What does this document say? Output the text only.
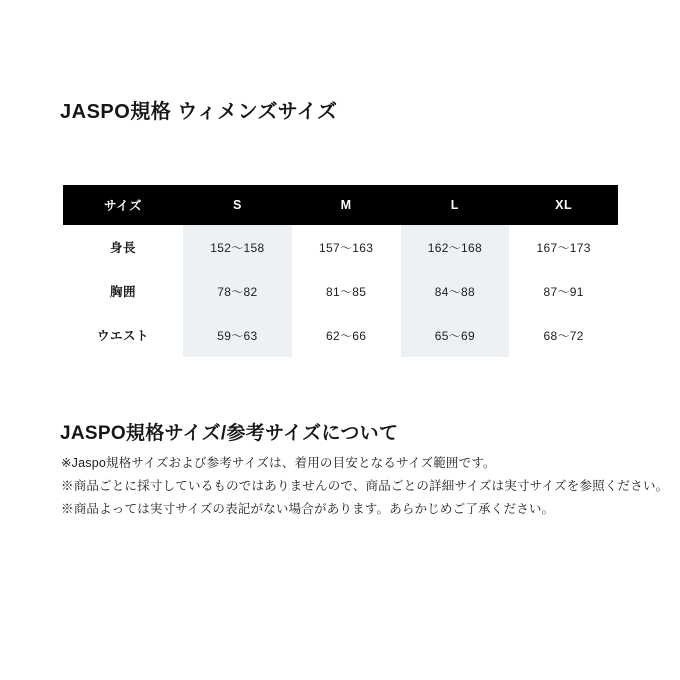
JASPO規格 ウィメンズサイズ
サイズ	S	M	L	XL
身長	152〜158	157〜163	162〜168	167〜173
胸囲	78〜82	81〜85	84〜88	87〜91
ウエスト	59〜63	62〜66	65〜69	68〜72
JASPO規格サイズ/参考サイズについて
※Jaspo規格サイズおよび参考サイズは、着用の目安となるサイズ範囲です。
※商品ごとに採寸しているものではありませんので、商品ごとの詳細サイズは実寸サイズを参照ください。
※商品よっては実寸サイズの表記がない場合があります。あらかじめご了承ください。
